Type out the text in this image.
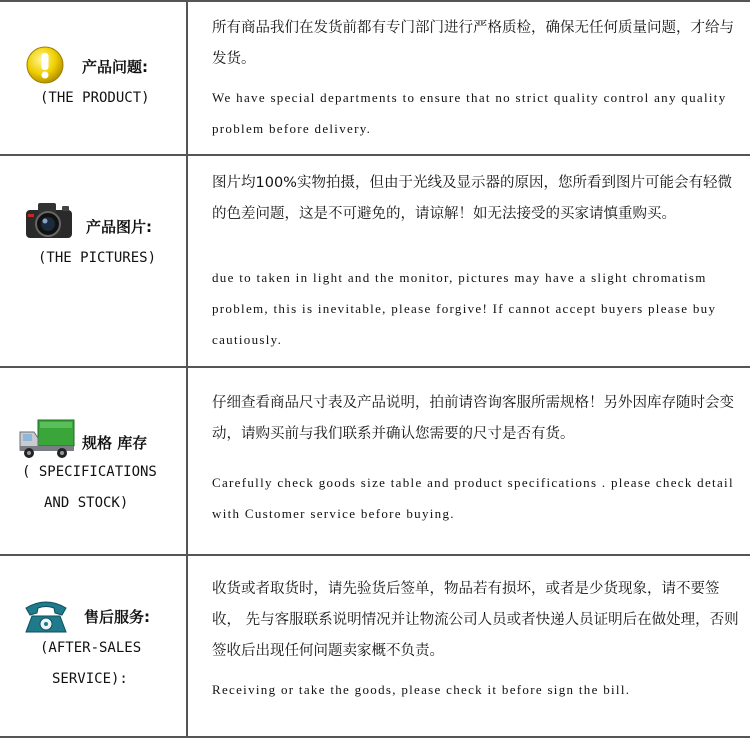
产品问题:
(THE PRODUCT)
所有商品我们在发货前都有专门部门进行严格质检，确保无任何质量问题，才给与发货。
We have special departments to ensure that no strict quality control any quality problem before delivery.
产品图片:
(THE PICTURES)
图片均100%实物拍摄，但由于光线及显示器的原因，您所看到图片可能会有轻微的色差问题，这是不可避免的，请谅解！如无法接受的买家请慎重购买。
due to taken in light and the monitor, pictures may have a slight chromatism problem, this is inevitable, please forgive! If cannot accept buyers please buy cautiously.
规格 库存
( SPECIFICATIONS
AND STOCK)
仔细查看商品尺寸表及产品说明，拍前请咨询客服所需规格！另外因库存随时会变动，请购买前与我们联系并确认您需要的尺寸是否有货。
Carefully check goods size table and product specifications . please check detail with Customer service before buying.
售后服务:
(AFTER-SALES
SERVICE):
收货或者取货时，请先验货后签单，物品若有损坏，或者是少货现象，请不要签收， 先与客服联系说明情况并让物流公司人员或者快递人员证明后在做处理，否则签收后出现任何问题卖家概不负责。
Receiving or take the goods, please check it before sign the bill.
